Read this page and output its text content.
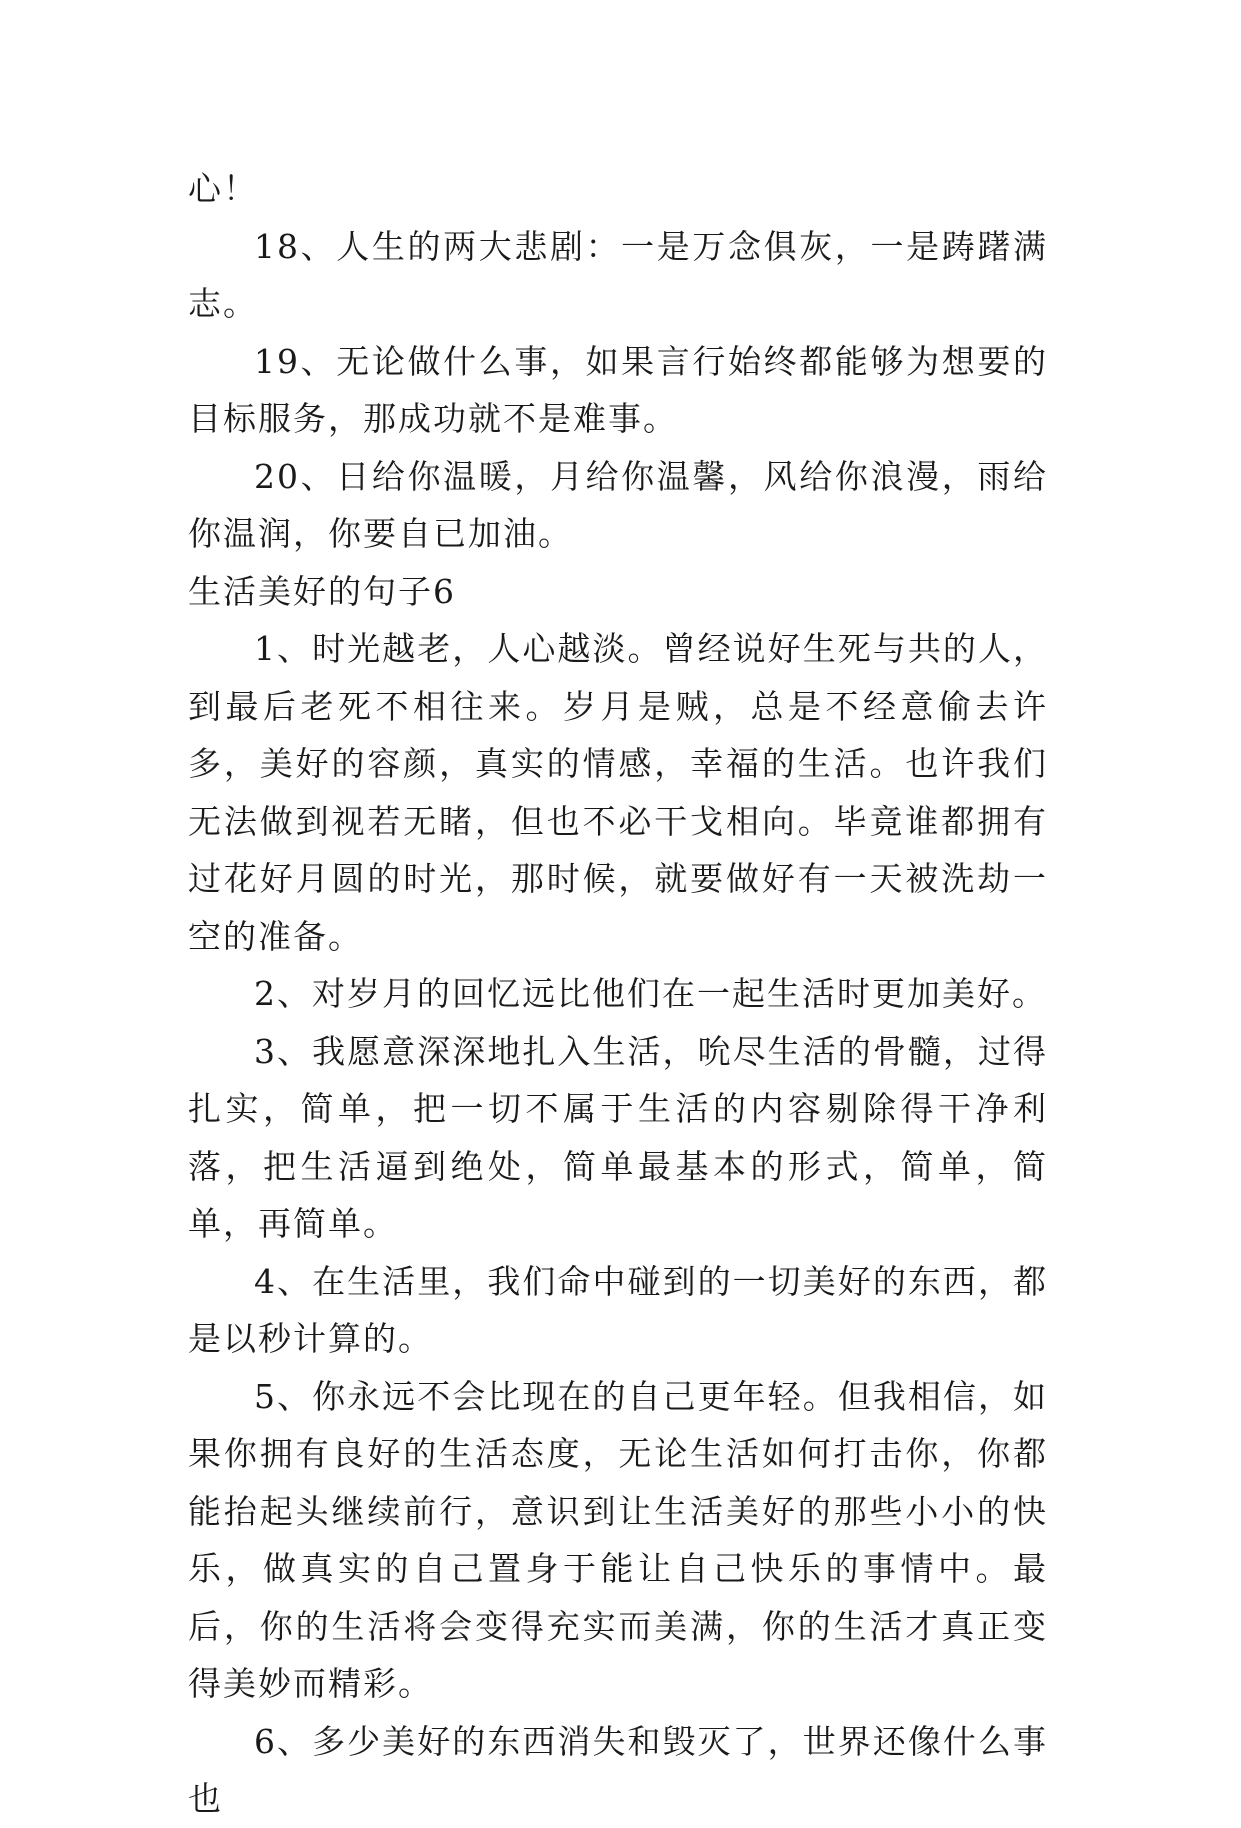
心！

18、人生的两大悲剧：一是万念俱灰，一是踌躇满志。

19、无论做什么事，如果言行始终都能够为想要的目标服务，那成功就不是难事。

20、日给你温暖，月给你温馨，风给你浪漫，雨给你温润，你要自已加油。

生活美好的句子6

1、时光越老，人心越淡。曾经说好生死与共的人，到最后老死不相往来。岁月是贼，总是不经意偷去许多，美好的容颜，真实的情感，幸福的生活。也许我们无法做到视若无睹，但也不必干戈相向。毕竟谁都拥有过花好月圆的时光，那时候，就要做好有一天被洗劫一空的准备。

2、对岁月的回忆远比他们在一起生活时更加美好。

3、我愿意深深地扎入生活，吮尽生活的骨髓，过得扎实，简单，把一切不属于生活的内容剔除得干净利落，把生活逼到绝处，简单最基本的形式，简单，简单，再简单。

4、在生活里，我们命中碰到的一切美好的东西，都是以秒计算的。

5、你永远不会比现在的自己更年轻。但我相信，如果你拥有良好的生活态度，无论生活如何打击你，你都能抬起头继续前行，意识到让生活美好的那些小小的快乐，做真实的自己置身于能让自己快乐的事情中。最后，你的生活将会变得充实而美满，你的生活才真正变得美妙而精彩。

6、多少美好的东西消失和毁灭了，世界还像什么事也
